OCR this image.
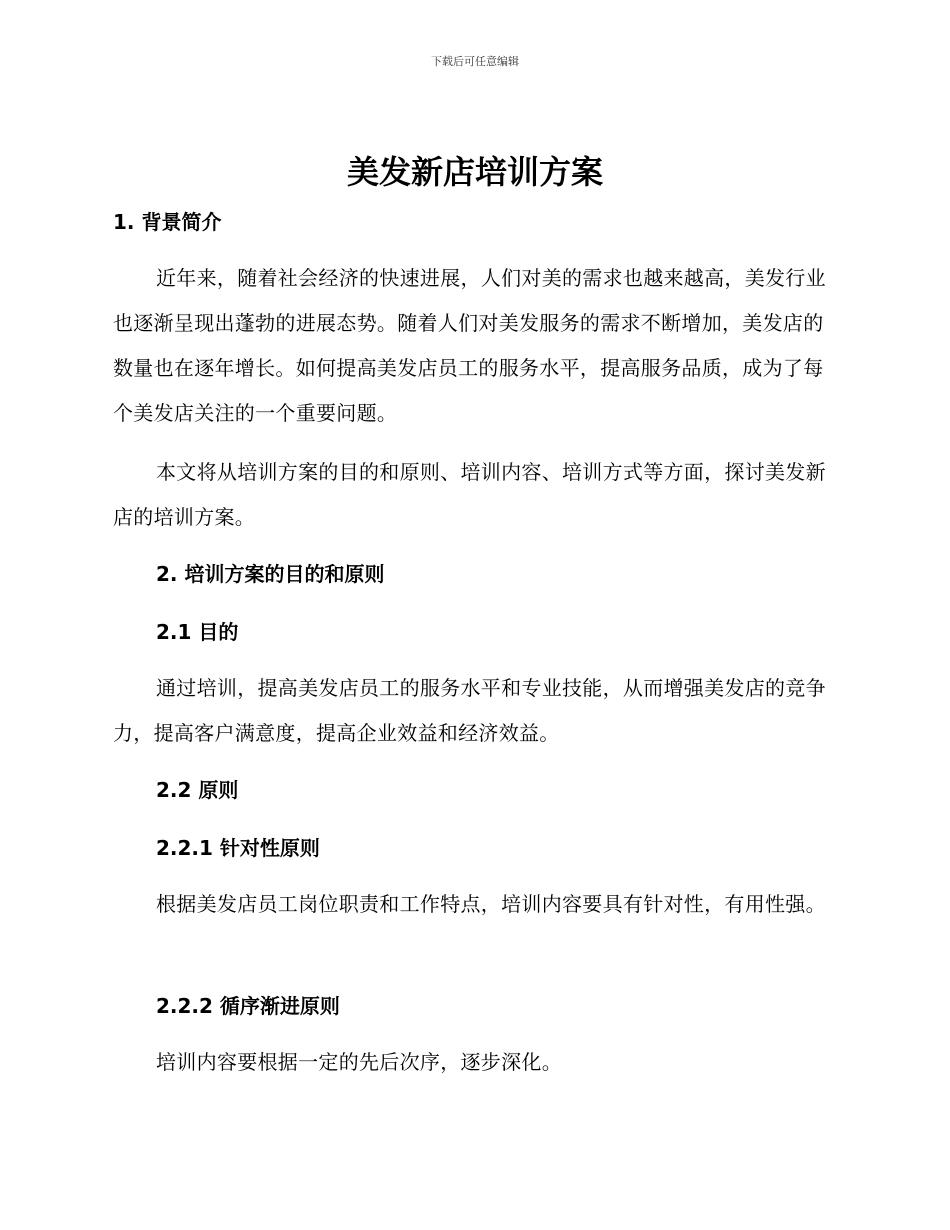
下载后可任意编辑
美发新店培训方案
1. 背景简介

近年来，随着社会经济的快速进展，人们对美的需求也越来越高，美发行业也逐渐呈现出蓬勃的进展态势。随着人们对美发服务的需求不断增加，美发店的数量也在逐年增长。如何提高美发店员工的服务水平，提高服务品质，成为了每个美发店关注的一个重要问题。

本文将从培训方案的目的和原则、培训内容、培训方式等方面，探讨美发新店的培训方案。

2. 培训方案的目的和原则
2.1 目的

通过培训，提高美发店员工的服务水平和专业技能，从而增强美发店的竞争力，提高客户满意度，提高企业效益和经济效益。

2.2 原则
2.2.1 针对性原则

根据美发店员工岗位职责和工作特点，培训内容要具有针对性，有用性强。

2.2.2 循序渐进原则

培训内容要根据一定的先后次序，逐步深化。
